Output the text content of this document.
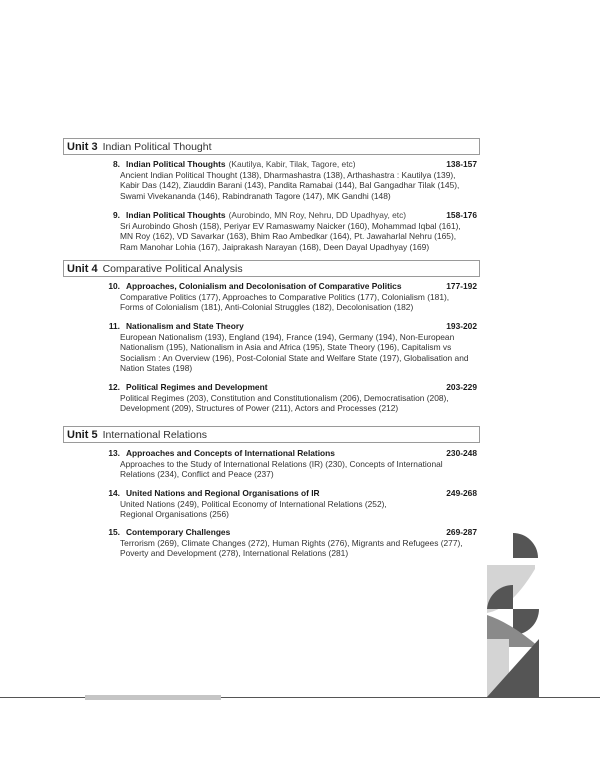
Unit 3 Indian Political Thought
8. Indian Political Thoughts (Kautilya, Kabir, Tilak, Tagore, etc)	138-157
Ancient Indian Political Thought (138), Dharmashastra (138), Arthashastra : Kautilya (139),
Kabir Das (142), Ziauddin Barani (143), Pandita Ramabai (144), Bal Gangadhar Tilak (145),
Swami Vivekananda (146), Rabindranath Tagore (147), MK Gandhi (148)
9. Indian Political Thoughts (Aurobindo, MN Roy, Nehru, DD Upadhyay, etc)	158-176
Sri Aurobindo Ghosh (158), Periyar EV Ramaswamy Naicker (160), Mohammad Iqbal (161),
MN Roy (162), VD Savarkar (163), Bhim Rao Ambedkar (164), Pt. Jawaharlal Nehru (165),
Ram Manohar Lohia (167), Jaiprakash Narayan (168), Deen Dayal Upadhyay (169)
Unit 4 Comparative Political Analysis
10. Approaches, Colonialism and Decolonisation of Comparative Politics	177-192
Comparative Politics (177), Approaches to Comparative Politics (177), Colonialism (181),
Forms of Colonialism (181), Anti-Colonial Struggles (182), Decolonisation (182)
11. Nationalism and State Theory	193-202
European Nationalism (193), England (194), France (194), Germany (194), Non-European
Nationalism (195), Nationalism in Asia and Africa (195), State Theory (196), Capitalism vs
Socialism : An Overview (196), Post-Colonial State and Welfare State (197), Globalisation and
Nation States (198)
12. Political Regimes and Development	203-229
Political Regimes (203), Constitution and Constitutionalism (206), Democratisation (208),
Development (209), Structures of Power (211), Actors and Processes (212)
Unit 5 International Relations
13. Approaches and Concepts of International Relations	230-248
Approaches to the Study of International Relations (IR) (230), Concepts of International
Relations (234), Conflict and Peace (237)
14. United Nations and Regional Organisations of IR	249-268
United Nations (249), Political Economy of International Relations (252),
Regional Organisations (256)
15. Contemporary Challenges	269-287
Terrorism (269), Climate Changes (272), Human Rights (276), Migrants and Refugees (277),
Poverty and Development (278), International Relations (281)
